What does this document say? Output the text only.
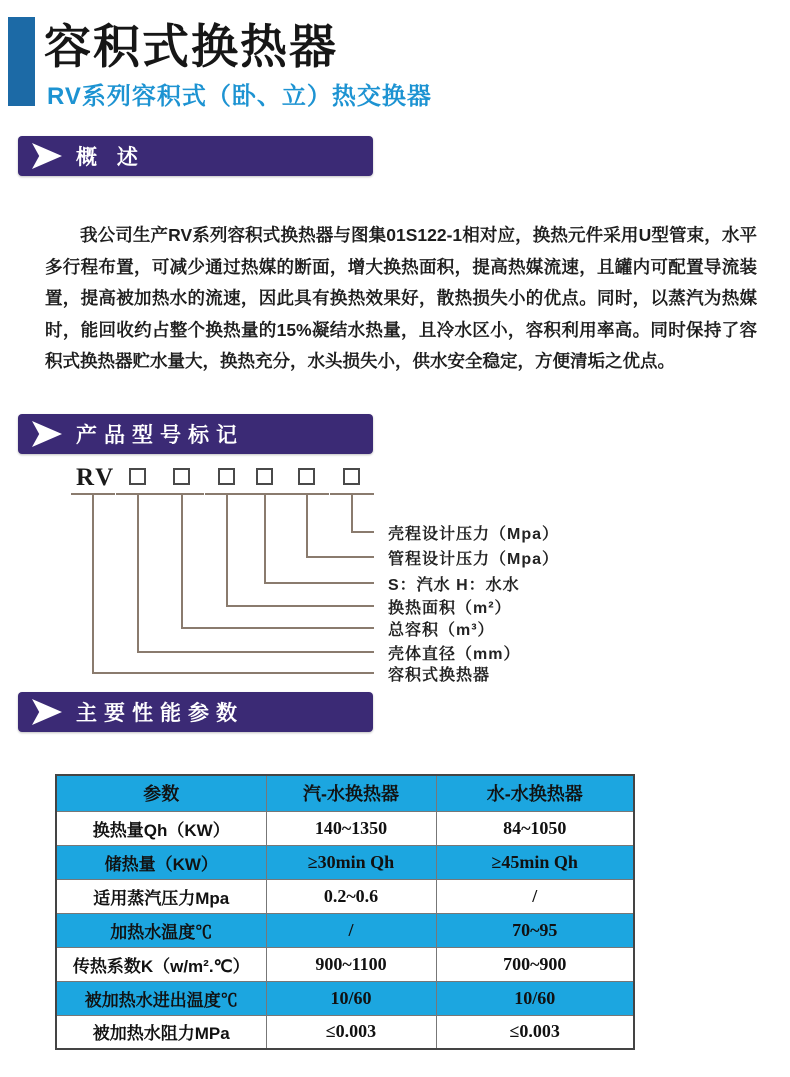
容积式换热器
RV系列容积式（卧、立）热交换器
概 述
我公司生产RV系列容积式换热器与图集01S122-1相对应，换热元件采用U型管束，水平多行程布置，可减少通过热媒的断面，增大换热面积，提高热媒流速，且罐内可配置导流装置，提高被加热水的流速，因此具有换热效果好，散热损失小的优点。同时，以蒸汽为热媒时，能回收约占整个换热量的15%凝结水热量，且冷水区小，容积利用率高。同时保持了容积式换热器贮水量大，换热充分，水头损失小，供水安全稳定，方便清垢之优点。
产品型号标记
RV
壳程设计压力（Mpa）
管程设计压力（Mpa）
S：汽水 H：水水
换热面积（m²）
总容积（m³）
壳体直径（mm）
容积式换热器
主要性能参数
参数	汽-水换热器	水-水换热器
换热量Qh（KW）	140~1350	84~1050
储热量（KW）	≥30min Qh	≥45min Qh
适用蒸汽压力Mpa	0.2~0.6	/
加热水温度℃	/	70~95
传热系数K（w/m².℃）	900~1100	700~900
被加热水进出温度℃	10/60	10/60
被加热水阻力MPa	≤0.003	≤0.003
